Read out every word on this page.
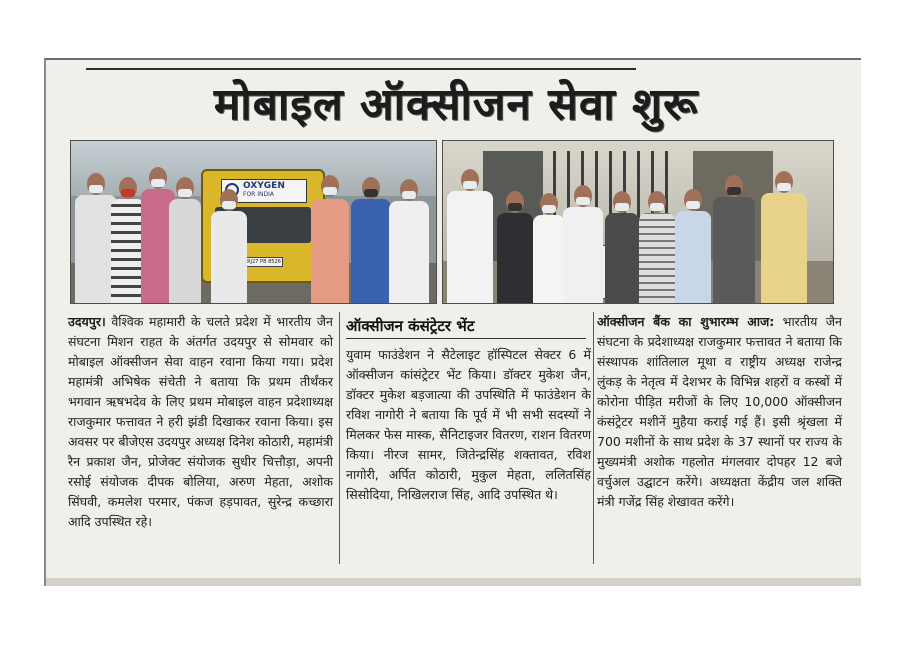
मोबाइल ऑक्सीजन सेवा शुरू
OXYGEN
FOR INDIA
RJ27 PB 8526

उदयपुर। वैश्विक महामारी के चलते प्रदेश में भारतीय जैन संघटना मिशन राहत के अंतर्गत उदयपुर से सोमवार को मोबाइल ऑक्सीजन सेवा वाहन रवाना किया गया। प्रदेश महामंत्री अभिषेक संचेती ने बताया कि प्रथम तीर्थंकर भगवान ऋषभदेव के लिए प्रथम मोबाइल वाहन प्रदेशाध्यक्ष राजकुमार फत्तावत ने हरी झंडी दिखाकर रवाना किया। इस अवसर पर बीजेएस उदयपुर अध्यक्ष दिनेश कोठारी, महामंत्री रैन प्रकाश जैन, प्रोजेक्ट संयोजक सुधीर चित्तौड़ा, अपनी रसोई संयोजक दीपक बोलिया, अरुण मेहता, अशोक सिंघवी, कमलेश परमार, पंकज हड़पावत, सुरेन्द्र कच्छारा आदि उपस्थित रहे।

ऑक्सीजन कंसंट्रेटर भेंट

युवाम फाउंडेशन ने सैटेलाइट हॉस्पिटल सेक्टर 6 में ऑक्सीजन कांसंट्रेटर भेंट किया। डॉक्टर मुकेश जैन, डॉक्टर मुकेश बड़जात्या की उपस्थिति में फाउंडेशन के रविश नागोरी ने बताया कि पूर्व में भी सभी सदस्यों ने मिलकर फेस मास्क, सैनिटाइजर वितरण, राशन वितरण किया। नीरज सामर, जितेन्द्रसिंह शक्तावत, रविश नागोरी, अर्पित कोठारी, मुकुल मेहता, ललितसिंह सिसोदिया, निखिलराज सिंह, आदि उपस्थित थे।

ऑक्सीजन बैंक का शुभारम्भ आज: भारतीय जैन संघटना के प्रदेशाध्यक्ष राजकुमार फत्तावत ने बताया कि संस्थापक शांतिलाल मूथा व राष्ट्रीय अध्यक्ष राजेन्द्र लुंकड़ के नेतृत्व में देशभर के विभिन्न शहरों व कस्बों में कोरोना पीड़ित मरीजों के लिए 10,000 ऑक्सीजन कंसंट्रेटर मशीनें मुहैया कराई गई हैं। इसी श्रृंखला में 700 मशीनों के साथ प्रदेश के 37 स्थानों पर राज्य के मुख्यमंत्री अशोक गहलोत मंगलवार दोपहर 12 बजे वर्चुअल उद्घाटन करेंगे। अध्यक्षता केंद्रीय जल शक्ति मंत्री गजेंद्र सिंह शेखावत करेंगे।
